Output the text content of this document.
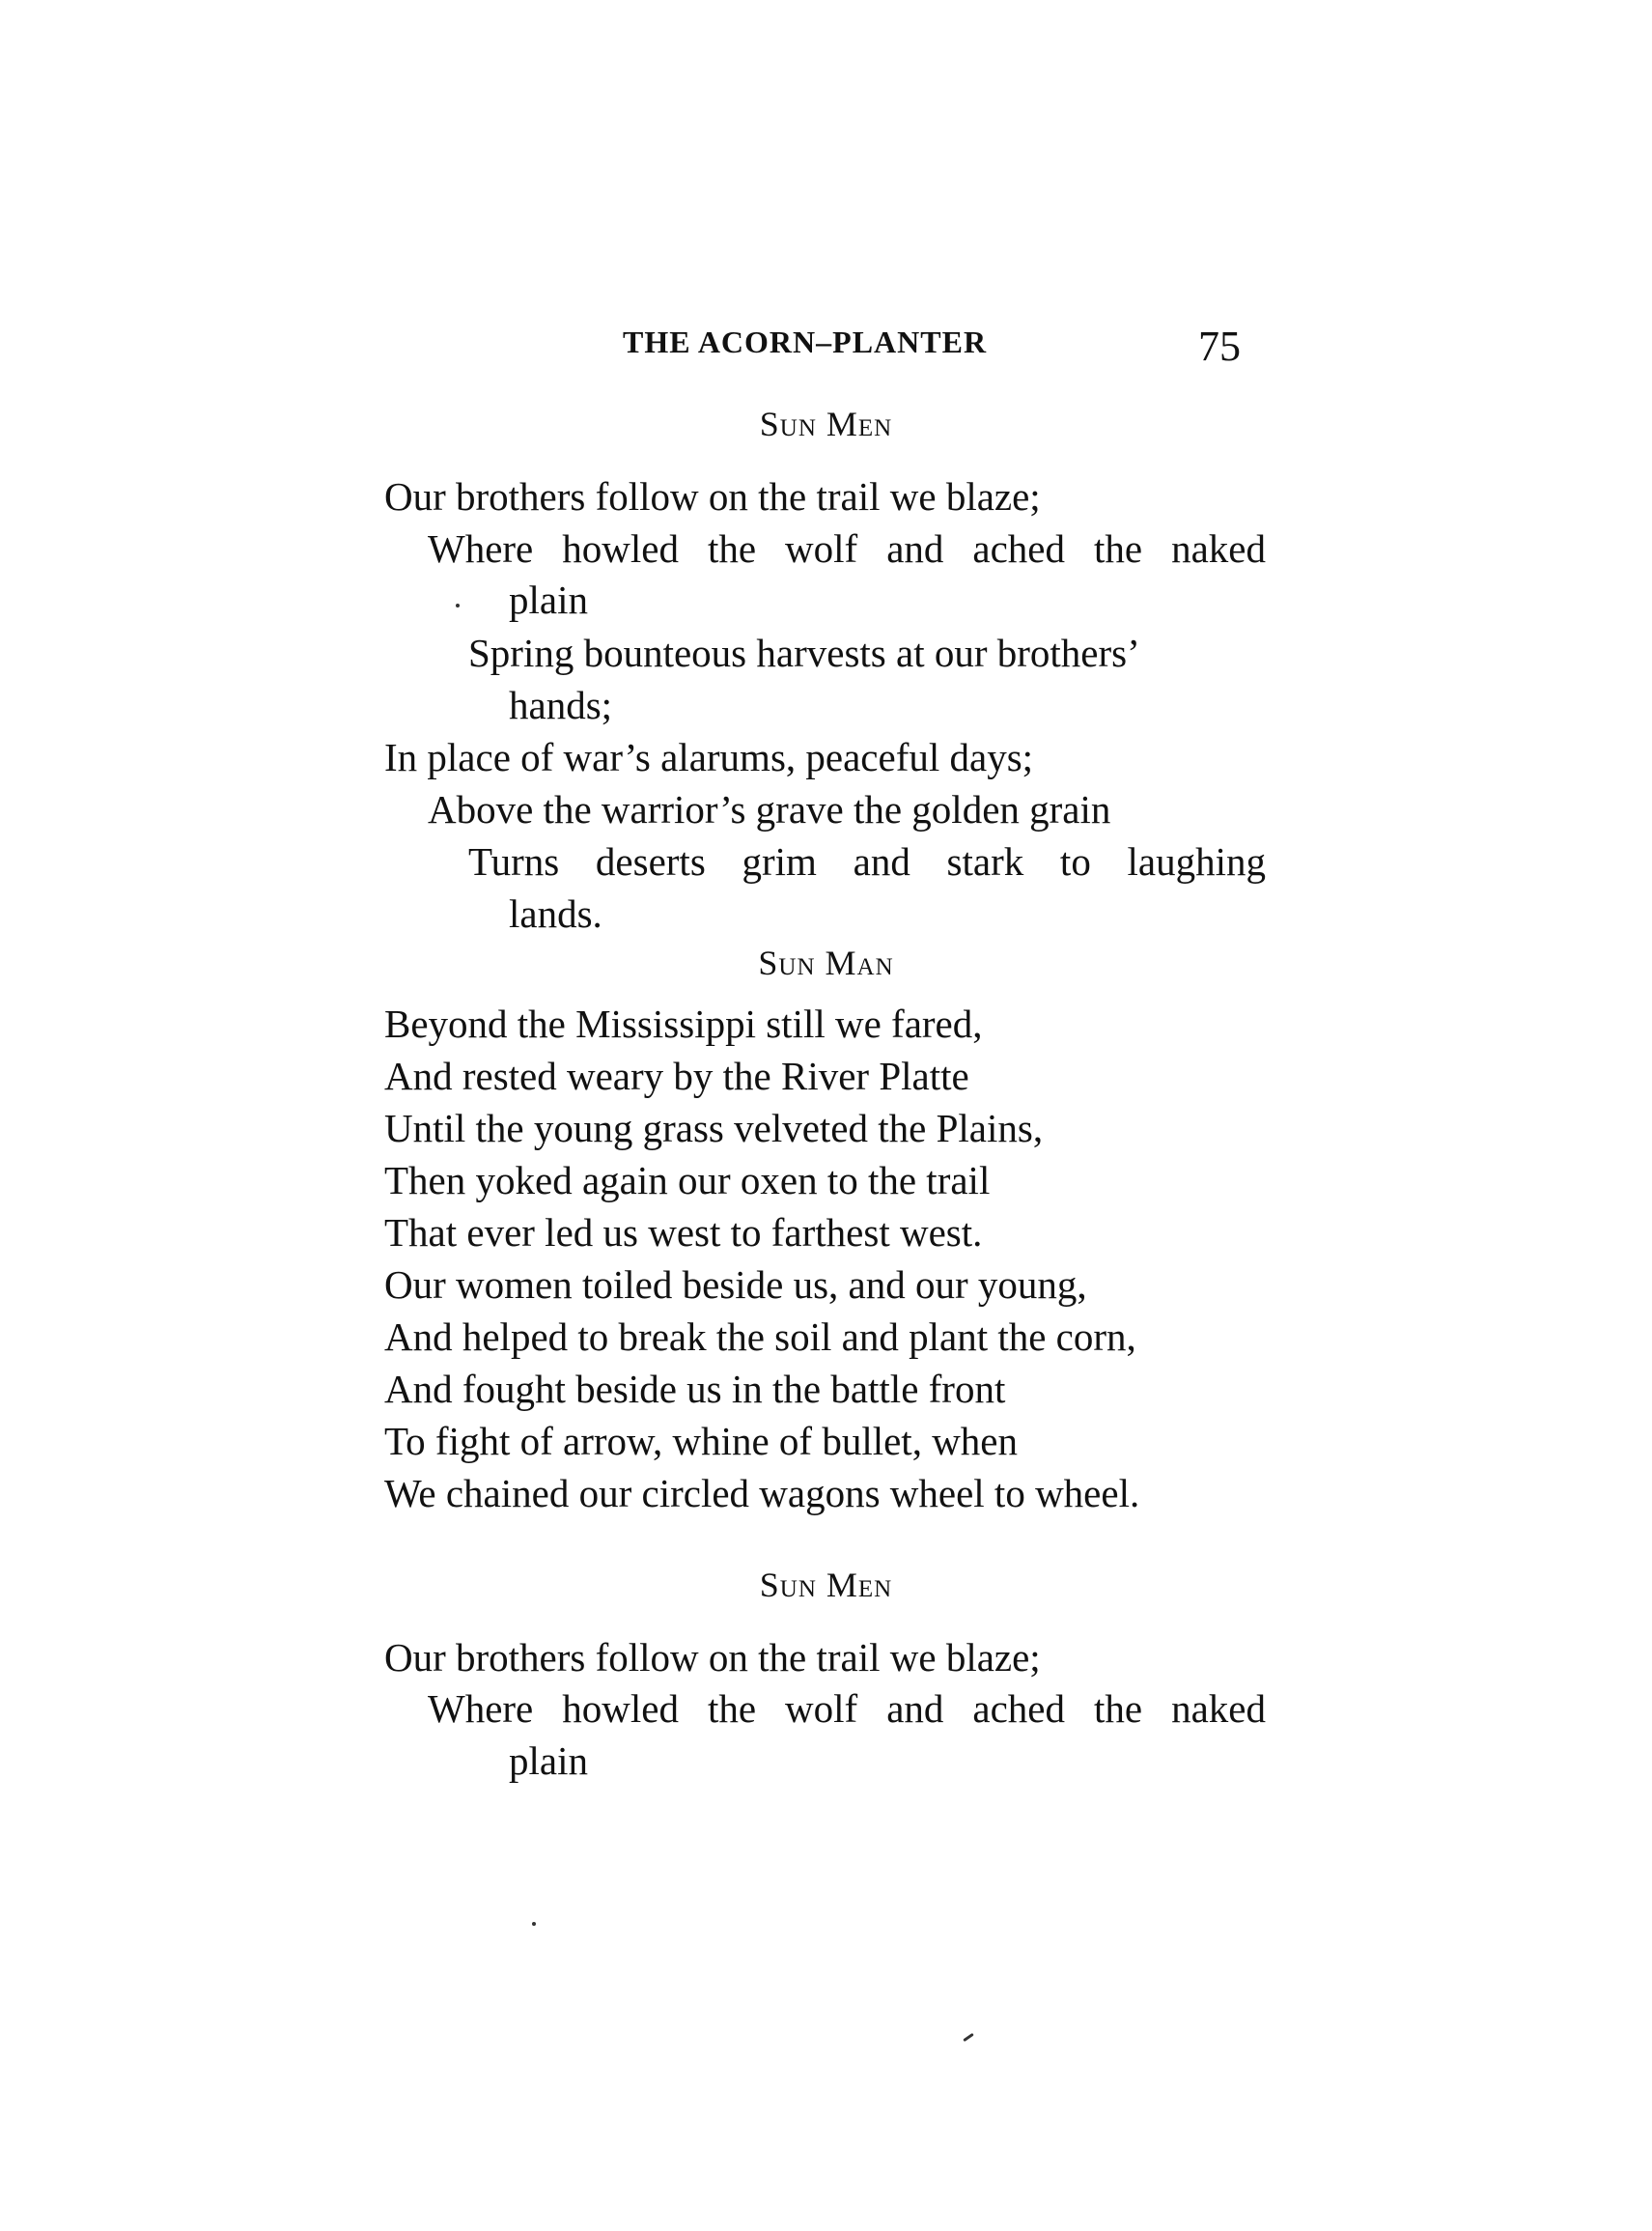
THE ACORN–PLANTER	75
Sun Men
Our brothers follow on the trail we blaze;
Where howled the wolf and ached the naked
plain
Spring bounteous harvests at our brothers’
hands;
In place of war’s alarums, peaceful days;
Above the warrior’s grave the golden grain
Turns deserts grim and stark to laughing
lands.
Sun Man
Beyond the Mississippi still we fared,
And rested weary by the River Platte
Until the young grass velveted the Plains,
Then yoked again our oxen to the trail
That ever led us west to farthest west.
Our women toiled beside us, and our young,
And helped to break the soil and plant the corn,
And fought beside us in the battle front
To fight of arrow, whine of bullet, when
We chained our circled wagons wheel to wheel.
Sun Men
Our brothers follow on the trail we blaze;
Where howled the wolf and ached the naked
plain
